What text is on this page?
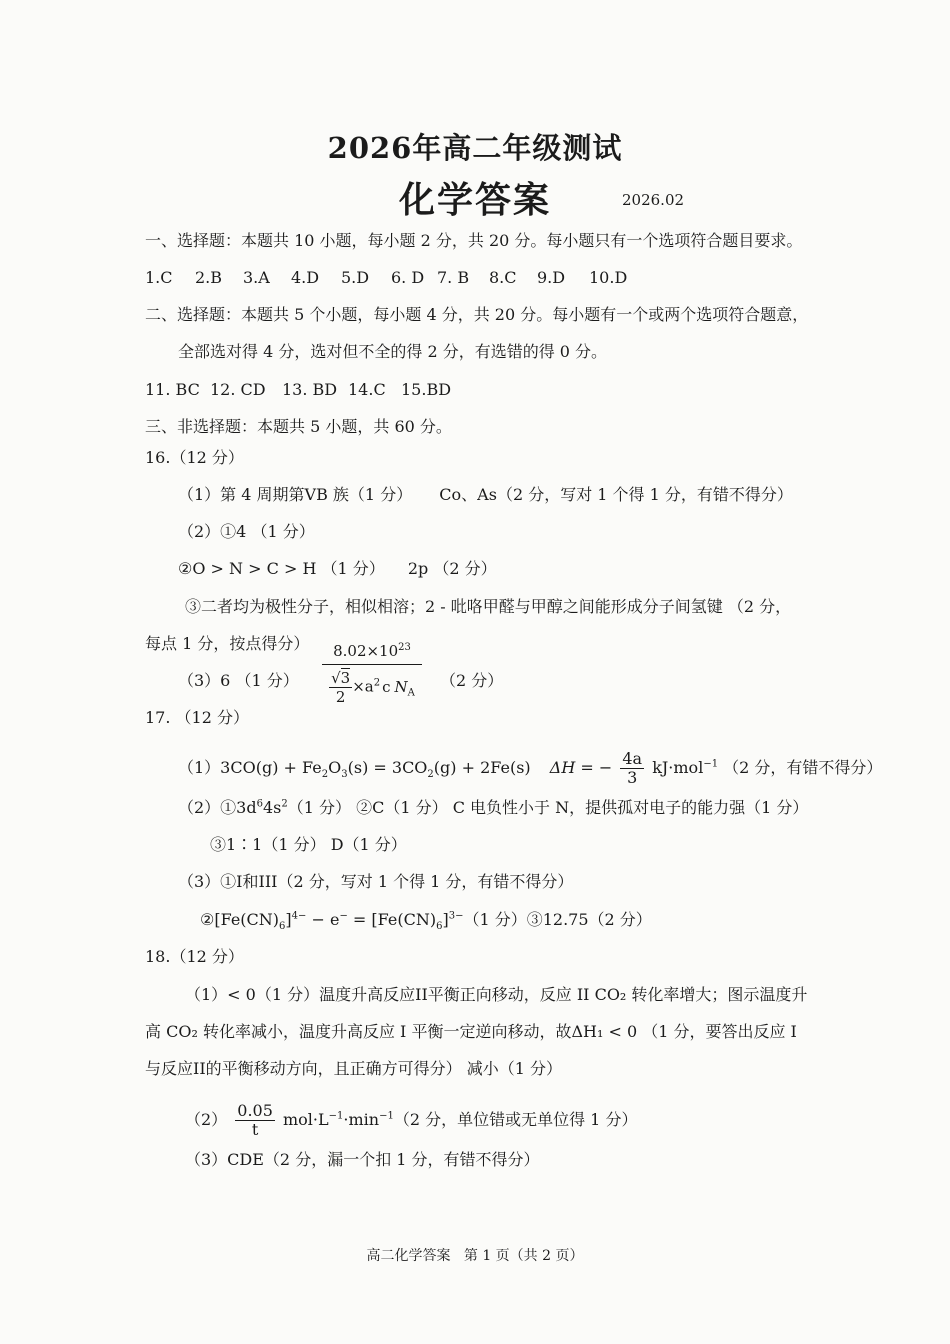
2026年高二年级测试
化学答案	2026.02
一、选择题：本题共 10 小题，每小题 2 分，共 20 分。每小题只有一个选项符合题目要求。
1.C 2.B 3.A 4.D 5.D 6. D 7. B 8.C 9.D 10.D
二、选择题：本题共 5 个小题，每小题 4 分，共 20 分。每小题有一个或两个选项符合题意，
全部选对得 4 分，选对但不全的得 2 分，有选错的得 0 分。
11. BC 12. CD 13. BD 14.C 15.BD
三、非选择题：本题共 5 小题，共 60 分。
16.（12 分）
（1）第 4 周期第VB 族（1 分） Co、As（2 分，写对 1 个得 1 分，有错不得分）
（2）①4 （1 分）
②O > N > C > H （1 分） 2p （2 分）
③二者均为极性分子，相似相溶；2 - 吡咯甲醛与甲醇之间能形成分子间氢键 （2 分，
每点 1 分，按点得分）
（3）6 （1 分）
$8.02\times 10^{23}$
$\frac{√3}{2} \times a^2$ c $N_A$
（2 分）
17. （12 分）
$(1)3CO(g) + Fe_2O_3(s) = 3CO_2(g) + 2Fe(s) \Delta H$ = − $\frac{4a}{3} kJ\cdot mol^{-1}$ （2 分，有错不得分）
$(2)①3d^64s^2(1$ 分） ②C（1 分） C 电负性小于 N，提供孤对电子的能力强（1 分）
③1∶1（1 分） D（1 分）
（3）①I和III（2 分，写对 1 个得 1 分，有错不得分）
$②[Fe(CN)_6]^{4-} - e^- = [Fe(CN)_6]^{3-}(1$ 分）③12.75（2 分）
18.（12 分）
（1）< 0（1 分）温度升高反应II平衡正向移动，反应 II CO₂ 转化率增大；图示温度升
高 CO₂ 转化率减小，温度升高反应 I 平衡一定逆向移动，故ΔH₁ < 0 （1 分，要答出反应 I
与反应II的平衡移动方向，且正确方可得分） 减小（1 分）
$(2) \frac{0.05}{t} mol\cdot L^{-1}\cdot\min^{-1}(2$ 分，单位错或无单位得 1 分）
（3）CDE（2 分，漏一个扣 1 分，有错不得分）
高二化学答案   第 1 页（共 2 页）
